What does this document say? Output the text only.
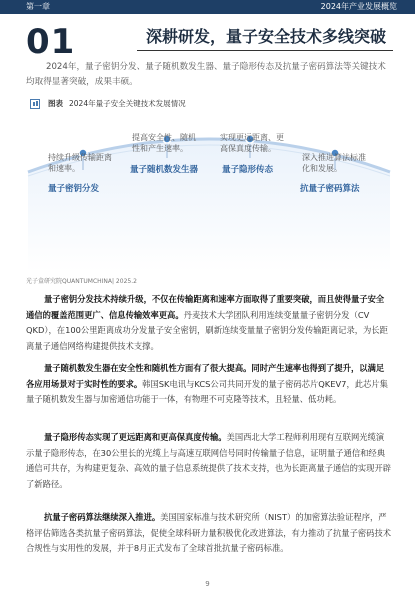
第一章	2024年产业发展概览
01	深耕研发，量子安全技术多线突破

2024年，量子密钥分发、量子随机数发生器、量子隐形传态及抗量子密码算法等关键技术均取得显著突破，成果丰硕。

图表 2024年量子安全关键技术发展情况

持续升级传输距离和速率。

量子密钥分发

提高安全性、随机性和产生速率。

量子随机数发生器

实现更远距离、更高保真度传输。

量子隐形传态

深入推进算法标准化和发展。

抗量子密码算法
光子盒研究院QUANTUMCHINA| 2025.2

量子密钥分发技术持续升级，不仅在传输距离和速率方面取得了重要突破，而且使得量子安全通信的覆盖范围更广、信息传输效率更高。丹麦技术大学团队利用连续变量量子密钥分发（CV QKD），在100公里距离成功分发量子安全密钥，刷新连续变量量子密钥分发传输距离记录，为长距离量子通信网络构建提供技术支撑。

量子随机数发生器在安全性和随机性方面有了很大提高。同时产生速率也得到了提升，以满足各应用场景对于实时性的要求。韩国SK电讯与KCS公司共同开发的量子密码芯片QKEV7，此芯片集量子随机数发生器与加密通信功能于一体，有物理不可克隆等技术，且轻量、低功耗。

量子隐形传态实现了更远距离和更高保真度传输。美国西北大学工程师利用现有互联网光缆演示量子隐形传态，在30公里长的光缆上与高速互联网信号同时传输量子信息，证明量子通信和经典通信可共存，为构建更复杂、高效的量子信息系统提供了技术支持，也为长距离量子通信的实现开辟了新路径。

抗量子密码算法继续深入推进。美国国家标准与技术研究所（NIST）的加密算法验证程序，严格评估筛选各类抗量子密码算法，促使全球科研力量积极优化改进算法，有力推动了抗量子密码技术合规性与实用性的发展，并于8月正式发布了全球首批抗量子密码标准。

9
